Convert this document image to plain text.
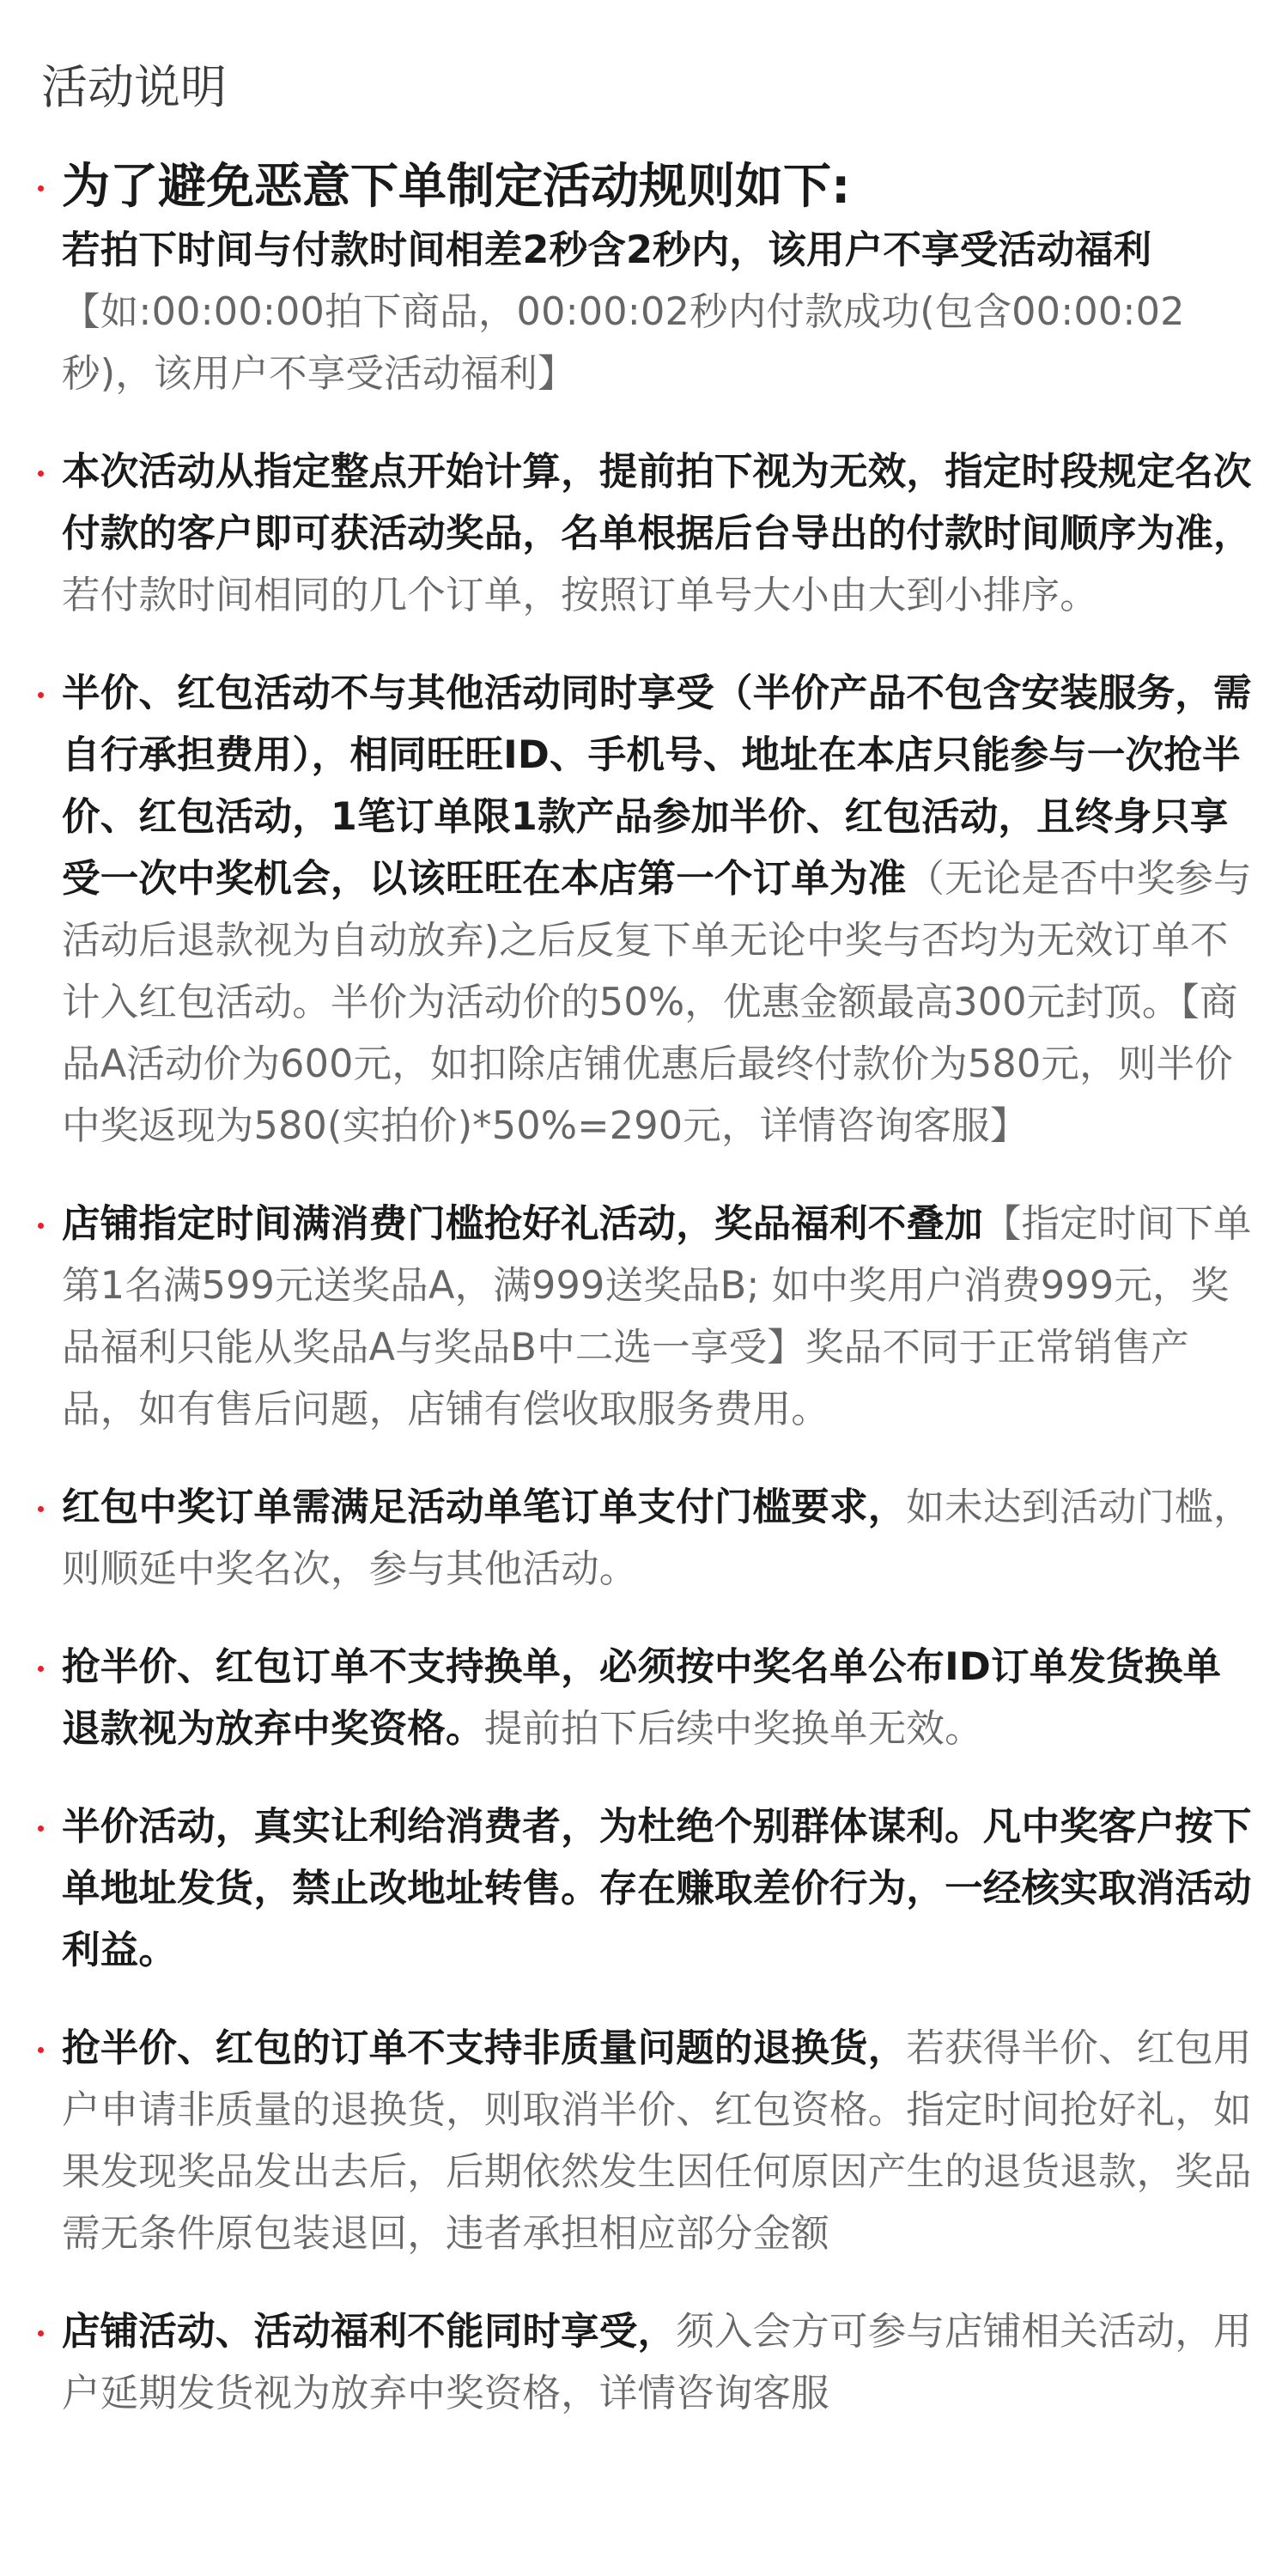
活动说明
为了避免恶意下单制定活动规则如下:
若拍下时间与付款时间相差2秒含2秒内，该用户不享受活动福利
【如:00:00:00拍下商品，00:00:02秒内付款成功(包含00:00:02秒)，该用户不享受活动福利】
本次活动从指定整点开始计算，提前拍下视为无效，指定时段规定名次付款的客户即可获活动奖品，名单根据后台导出的付款时间顺序为准，若付款时间相同的几个订单，按照订单号大小由大到小排序。
半价、红包活动不与其他活动同时享受（半价产品不包含安装服务，需自行承担费用），相同旺旺ID、手机号、地址在本店只能参与一次抢半价、红包活动，1笔订单限1款产品参加半价、红包活动，且终身只享受一次中奖机会，以该旺旺在本店第一个订单为准（无论是否中奖参与活动后退款视为自动放弃)之后反复下单无论中奖与否均为无效订单不计入红包活动。半价为活动价的50%，优惠金额最高300元封顶。【商品A活动价为600元，如扣除店铺优惠后最终付款价为580元，则半价中奖返现为580(实拍价)*50%=290元，详情咨询客服】
店铺指定时间满消费门槛抢好礼活动，奖品福利不叠加【指定时间下单第1名满599元送奖品A，满999送奖品B; 如中奖用户消费999元，奖品福利只能从奖品A与奖品B中二选一享受】奖品不同于正常销售产品，如有售后问题，店铺有偿收取服务费用。
红包中奖订单需满足活动单笔订单支付门槛要求，如未达到活动门槛，则顺延中奖名次，参与其他活动。
抢半价、红包订单不支持换单，必须按中奖名单公布ID订单发货换单退款视为放弃中奖资格。提前拍下后续中奖换单无效。
半价活动，真实让利给消费者，为杜绝个别群体谋利。凡中奖客户按下单地址发货，禁止改地址转售。存在赚取差价行为，一经核实取消活动利益。
抢半价、红包的订单不支持非质量问题的退换货，若获得半价、红包用户申请非质量的退换货，则取消半价、红包资格。指定时间抢好礼，如果发现奖品发出去后，后期依然发生因任何原因产生的退货退款，奖品需无条件原包装退回，违者承担相应部分金额
店铺活动、活动福利不能同时享受，须入会方可参与店铺相关活动，用户延期发货视为放弃中奖资格，详情咨询客服
